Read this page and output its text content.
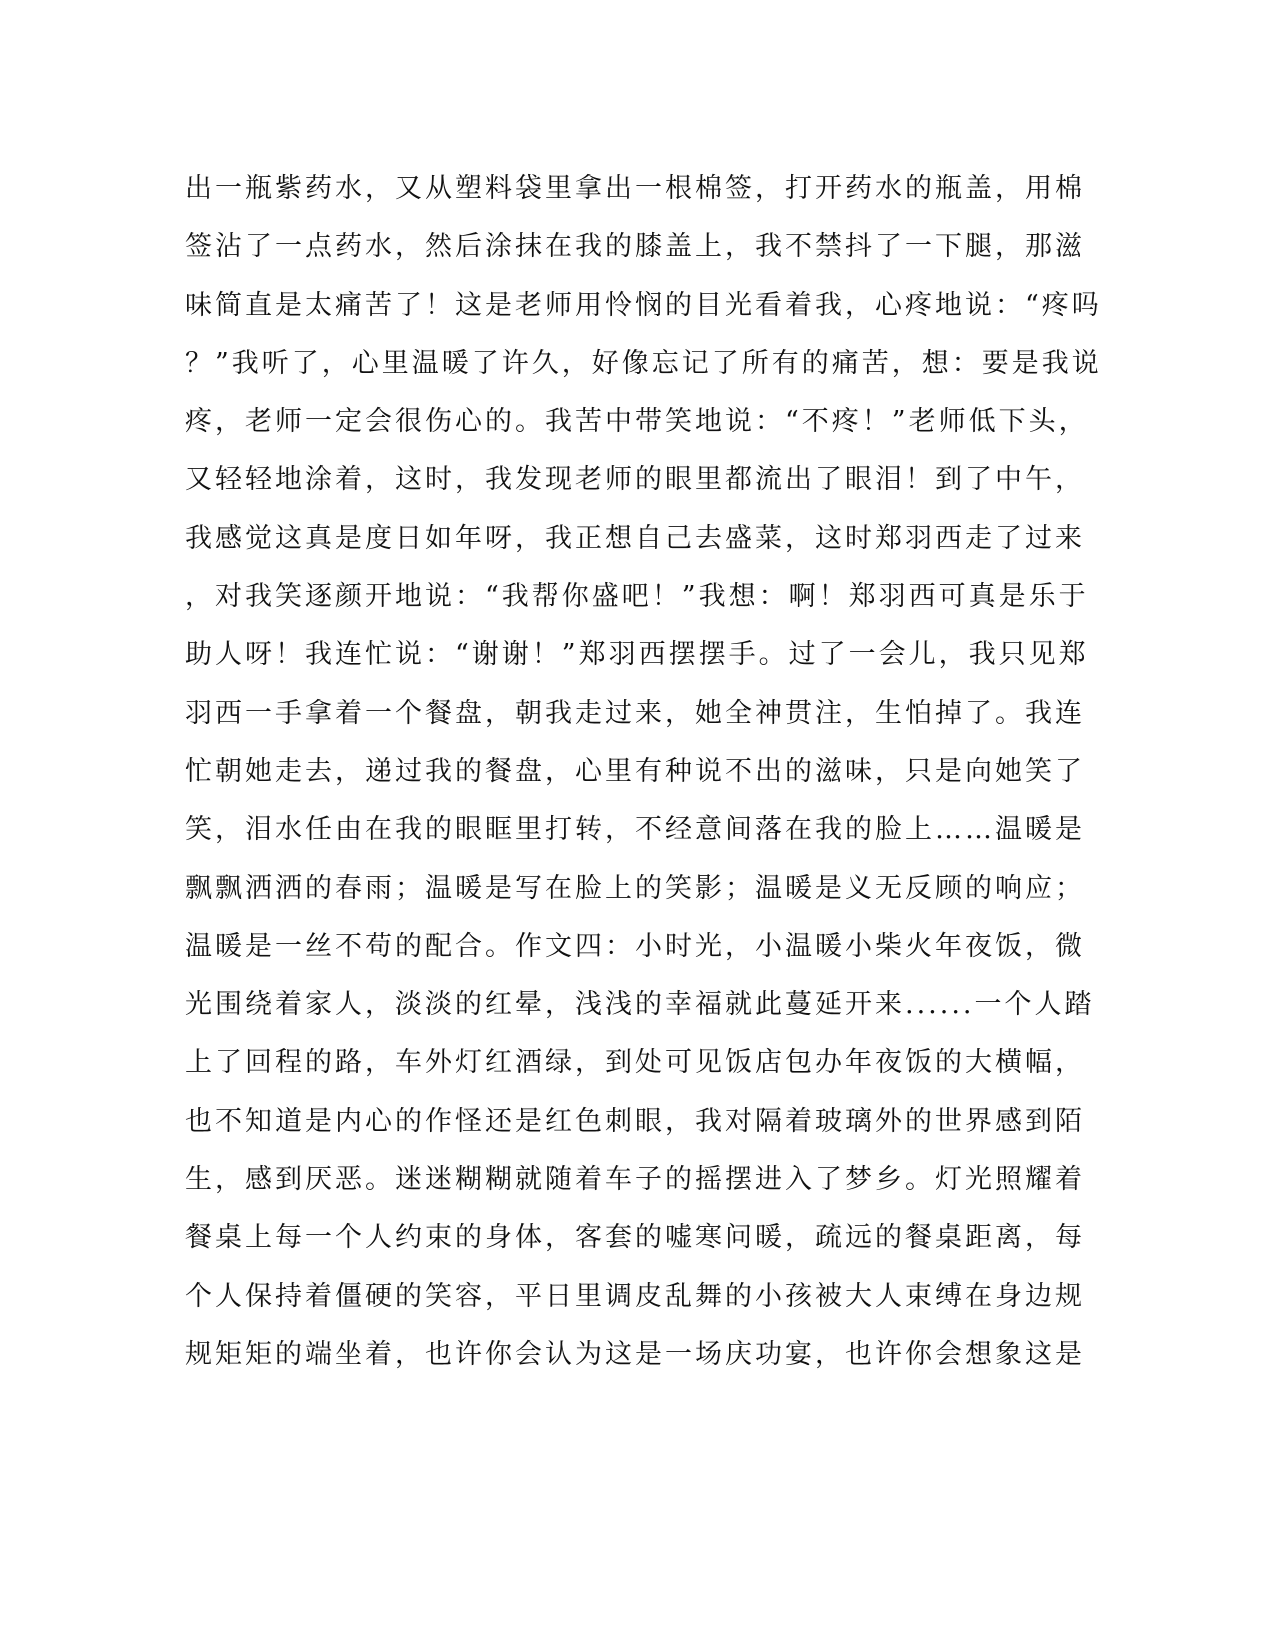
出一瓶紫药水，又从塑料袋里拿出一根棉签，打开药水的瓶盖，用棉
签沾了一点药水，然后涂抹在我的膝盖上，我不禁抖了一下腿，那滋
味简直是太痛苦了！这是老师用怜悯的目光看着我，心疼地说：“疼吗
？”我听了，心里温暖了许久，好像忘记了所有的痛苦，想：要是我说
疼，老师一定会很伤心的。我苦中带笑地说：“不疼！”老师低下头，
又轻轻地涂着，这时，我发现老师的眼里都流出了眼泪！到了中午，
我感觉这真是度日如年呀，我正想自己去盛菜，这时郑羽西走了过来
，对我笑逐颜开地说：“我帮你盛吧！”我想：啊！郑羽西可真是乐于
助人呀！我连忙说：“谢谢！”郑羽西摆摆手。过了一会儿，我只见郑
羽西一手拿着一个餐盘，朝我走过来，她全神贯注，生怕掉了。我连
忙朝她走去，递过我的餐盘，心里有种说不出的滋味，只是向她笑了
笑，泪水任由在我的眼眶里打转，不经意间落在我的脸上……温暖是
飘飘洒洒的春雨；温暖是写在脸上的笑影；温暖是义无反顾的响应；
温暖是一丝不苟的配合。作文四：小时光，小温暖小柴火年夜饭，微
光围绕着家人，淡淡的红晕，浅浅的幸福就此蔓延开来......一个人踏
上了回程的路，车外灯红酒绿，到处可见饭店包办年夜饭的大横幅，
也不知道是内心的作怪还是红色刺眼，我对隔着玻璃外的世界感到陌
生，感到厌恶。迷迷糊糊就随着车子的摇摆进入了梦乡。灯光照耀着
餐桌上每一个人约束的身体，客套的嘘寒问暖，疏远的餐桌距离，每
个人保持着僵硬的笑容，平日里调皮乱舞的小孩被大人束缚在身边规
规矩矩的端坐着，也许你会认为这是一场庆功宴，也许你会想象这是
